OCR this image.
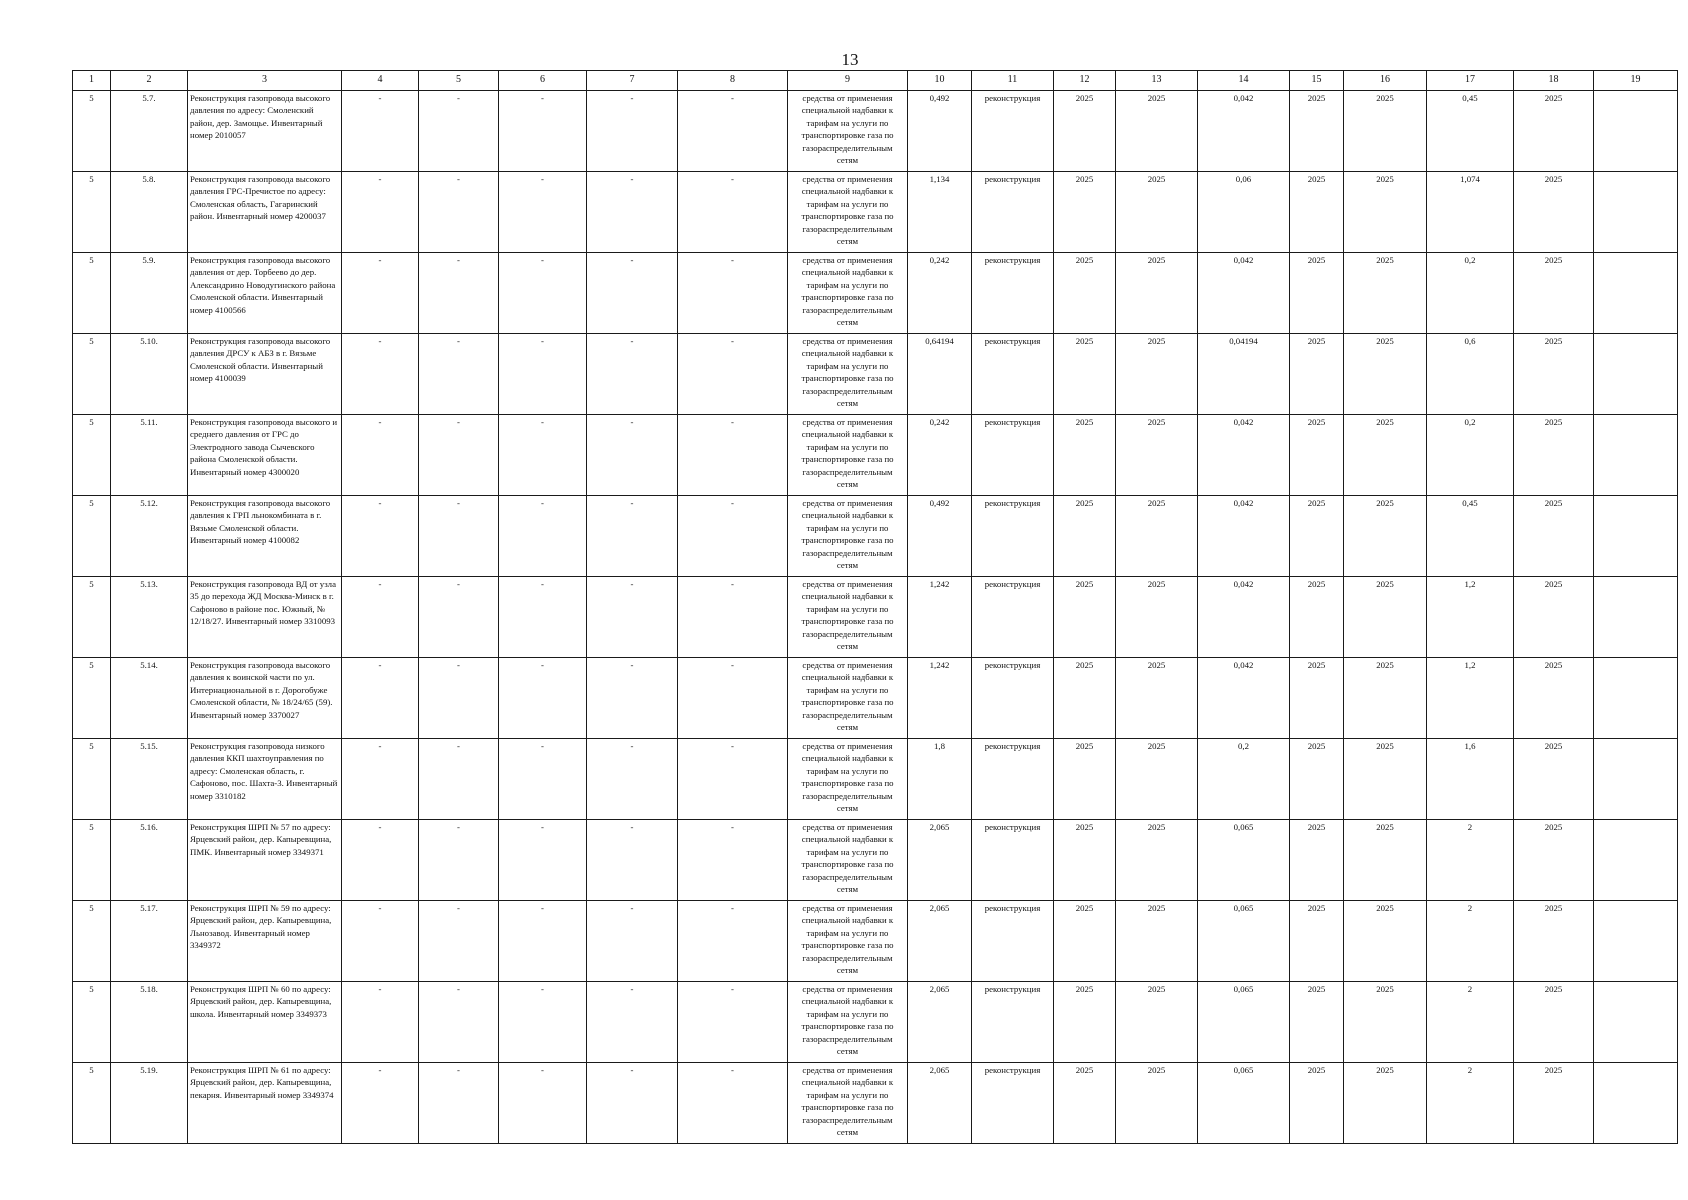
13
1	2	3	4	5	6	7	8	9	10	11	12	13	14	15	16	17	18	19
5	5.7.	Реконструкция газопровода высокого давления по адресу: Смоленский район, дер. Замощье. Инвентарный номер 2010057	-	-	-	-	-	средства от применения специальной надбавки к тарифам на услуги по транспортировке газа по газораспределительным сетям	0,492	реконструкция	2025	2025	0,042	2025	2025	0,45	2025	
5	5.8.	Реконструкция газопровода высокого давления ГРС-Пречистое по адресу: Смоленская область, Гагаринский район. Инвентарный номер 4200037	-	-	-	-	-	средства от применения специальной надбавки к тарифам на услуги по транспортировке газа по газораспределительным сетям	1,134	реконструкция	2025	2025	0,06	2025	2025	1,074	2025	
5	5.9.	Реконструкция газопровода высокого давления от дер. Торбеево до дер. Александрино Новодугинского района Смоленской области. Инвентарный номер 4100566	-	-	-	-	-	средства от применения специальной надбавки к тарифам на услуги по транспортировке газа по газораспределительным сетям	0,242	реконструкция	2025	2025	0,042	2025	2025	0,2	2025	
5	5.10.	Реконструкция газопровода высокого давления ДРСУ к АБЗ в г. Вязьме Смоленской области. Инвентарный номер 4100039	-	-	-	-	-	средства от применения специальной надбавки к тарифам на услуги по транспортировке газа по газораспределительным сетям	0,64194	реконструкция	2025	2025	0,04194	2025	2025	0,6	2025	
5	5.11.	Реконструкция газопровода высокого и среднего давления от ГРС до Электродного завода Сычевского района Смоленской области. Инвентарный номер 4300020	-	-	-	-	-	средства от применения специальной надбавки к тарифам на услуги по транспортировке газа по газораспределительным сетям	0,242	реконструкция	2025	2025	0,042	2025	2025	0,2	2025	
5	5.12.	Реконструкция газопровода высокого давления к ГРП льнокомбината в г. Вязьме Смоленской области. Инвентарный номер 4100082	-	-	-	-	-	средства от применения специальной надбавки к тарифам на услуги по транспортировке газа по газораспределительным сетям	0,492	реконструкция	2025	2025	0,042	2025	2025	0,45	2025	
5	5.13.	Реконструкция газопровода ВД от узла 35 до перехода ЖД Москва-Минск в г. Сафоново в районе пос. Южный, № 12/18/27. Инвентарный номер 3310093	-	-	-	-	-	средства от применения специальной надбавки к тарифам на услуги по транспортировке газа по газораспределительным сетям	1,242	реконструкция	2025	2025	0,042	2025	2025	1,2	2025	
5	5.14.	Реконструкция газопровода высокого давления к воинской части по ул. Интернациональной в г. Дорогобуже Смоленской области, № 18/24/65 (59). Инвентарный номер 3370027	-	-	-	-	-	средства от применения специальной надбавки к тарифам на услуги по транспортировке газа по газораспределительным сетям	1,242	реконструкция	2025	2025	0,042	2025	2025	1,2	2025	
5	5.15.	Реконструкция газопровода низкого давления ККП шахтоуправления по адресу: Смоленская область, г. Сафоново, пос. Шахта-3. Инвентарный номер 3310182	-	-	-	-	-	средства от применения специальной надбавки к тарифам на услуги по транспортировке газа по газораспределительным сетям	1,8	реконструкция	2025	2025	0,2	2025	2025	1,6	2025	
5	5.16.	Реконструкция ШРП № 57 по адресу: Ярцевский район, дер. Капыревщина, ПМК. Инвентарный номер 3349371	-	-	-	-	-	средства от применения специальной надбавки к тарифам на услуги по транспортировке газа по газораспределительным сетям	2,065	реконструкция	2025	2025	0,065	2025	2025	2	2025	
5	5.17.	Реконструкция ШРП № 59 по адресу: Ярцевский район, дер. Капыревщина, Льнозавод. Инвентарный номер 3349372	-	-	-	-	-	средства от применения специальной надбавки к тарифам на услуги по транспортировке газа по газораспределительным сетям	2,065	реконструкция	2025	2025	0,065	2025	2025	2	2025	
5	5.18.	Реконструкция ШРП № 60 по адресу: Ярцевский район, дер. Капыревщина, школа. Инвентарный номер 3349373	-	-	-	-	-	средства от применения специальной надбавки к тарифам на услуги по транспортировке газа по газораспределительным сетям	2,065	реконструкция	2025	2025	0,065	2025	2025	2	2025	
5	5.19.	Реконструкция ШРП № 61 по адресу: Ярцевский район, дер. Капыревщина, пекарня. Инвентарный номер 3349374	-	-	-	-	-	средства от применения специальной надбавки к тарифам на услуги по транспортировке газа по газораспределительным сетям	2,065	реконструкция	2025	2025	0,065	2025	2025	2	2025	
